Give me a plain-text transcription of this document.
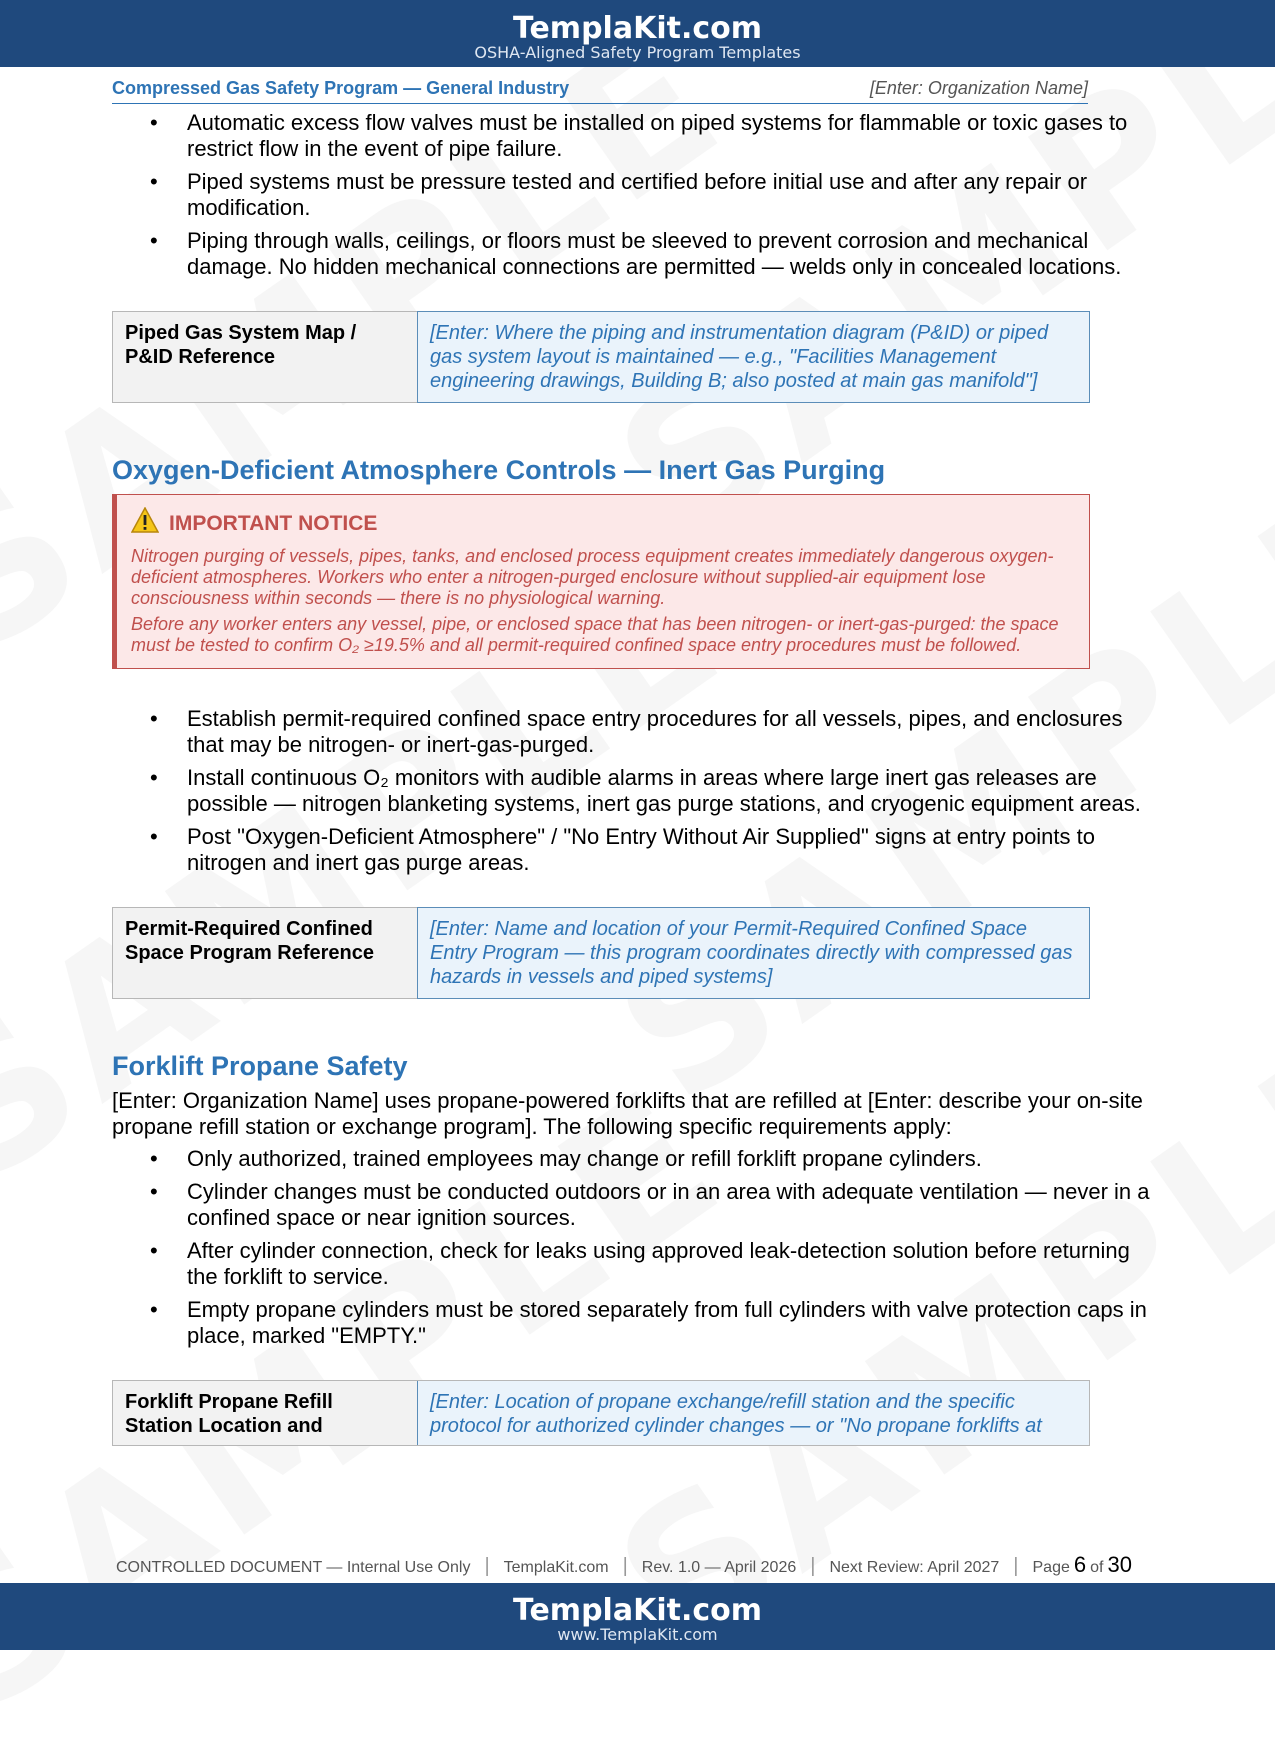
TemplaKit.com
OSHA-Aligned Safety Program Templates
Compressed Gas Safety Program — General Industry	[Enter: Organization Name]
• Automatic excess flow valves must be installed on piped systems for flammable or toxic gases to restrict flow in the event of pipe failure.
• Piped systems must be pressure tested and certified before initial use and after any repair or modification.
• Piping through walls, ceilings, or floors must be sleeved to prevent corrosion and mechanical damage. No hidden mechanical connections are permitted — welds only in concealed locations.
Piped Gas System Map / P&ID Reference
[Enter: Where the piping and instrumentation diagram (P&ID) or piped gas system layout is maintained — e.g., "Facilities Management engineering drawings, Building B; also posted at main gas manifold"]
Oxygen-Deficient Atmosphere Controls — Inert Gas Purging
IMPORTANT NOTICE

Nitrogen purging of vessels, pipes, tanks, and enclosed process equipment creates immediately dangerous oxygen-deficient atmospheres. Workers who enter a nitrogen-purged enclosure without supplied-air equipment lose consciousness within seconds — there is no physiological warning.

Before any worker enters any vessel, pipe, or enclosed space that has been nitrogen- or inert-gas-purged: the space must be tested to confirm O₂ ≥19.5% and all permit-required confined space entry procedures must be followed.

• Establish permit-required confined space entry procedures for all vessels, pipes, and enclosures that may be nitrogen- or inert-gas-purged.
• Install continuous O₂ monitors with audible alarms in areas where large inert gas releases are possible — nitrogen blanketing systems, inert gas purge stations, and cryogenic equipment areas.
• Post "Oxygen-Deficient Atmosphere" / "No Entry Without Air Supplied" signs at entry points to nitrogen and inert gas purge areas.
Permit-Required Confined Space Program Reference
[Enter: Name and location of your Permit-Required Confined Space Entry Program — this program coordinates directly with compressed gas hazards in vessels and piped systems]
Forklift Propane Safety

[Enter: Organization Name] uses propane-powered forklifts that are refilled at [Enter: describe your on-site propane refill station or exchange program]. The following specific requirements apply:

• Only authorized, trained employees may change or refill forklift propane cylinders.
• Cylinder changes must be conducted outdoors or in an area with adequate ventilation — never in a confined space or near ignition sources.
• After cylinder connection, check for leaks using approved leak-detection solution before returning the forklift to service.
• Empty propane cylinders must be stored separately from full cylinders with valve protection caps in place, marked "EMPTY."
Forklift Propane Refill Station Location and
[Enter: Location of propane exchange/refill station and the specific protocol for authorized cylinder changes — or "No propane forklifts at
CONTROLLED DOCUMENT — Internal Use Only | TemplaKit.com | Rev. 1.0 — April 2026 | Next Review: April 2027 | Page 6 of 30
TemplaKit.com
www.TemplaKit.com
